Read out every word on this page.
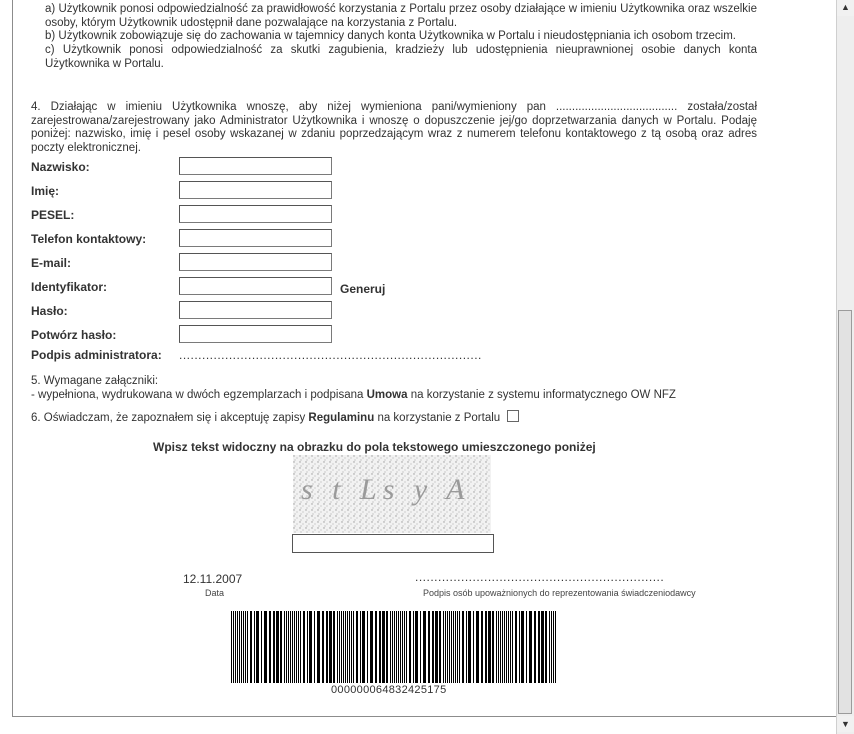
a) Użytkownik ponosi odpowiedzialność za prawidłowość korzystania z Portalu przez osoby działające w imieniu Użytkownika oraz wszelkie osoby, którym Użytkownik udostępnił dane pozwalające na korzystania z Portalu.

b) Użytkownik zobowiązuje się do zachowania w tajemnicy danych konta Użytkownika w Portalu i nieudostępniania ich osobom trzecim.

c) Użytkownik ponosi odpowiedzialność za skutki zagubienia, kradzieży lub udostępnienia nieuprawnionej osobie danych konta Użytkownika w Portalu.

4. Działając w imieniu Użytkownika wnoszę, aby niżej wymieniona pani/wymieniony pan ...................................... została/został zarejestrowana/zarejestrowany jako Administrator Użytkownika i wnoszę o dopuszczenie jej/go doprzetwarzania danych w Portalu. Podaję poniżej: nazwisko, imię i pesel osoby wskazanej w zdaniu poprzedzającym wraz z numerem telefonu kontaktowego z tą osobą oraz adres poczty elektronicznej.

Nazwisko:
Imię:
PESEL:
Telefon kontaktowy:
E-mail:
Identyfikator:	Generuj
Hasło:
Potwórz hasło:
Podpis administratora: ...............................................................................
5. Wymagane załączniki:
- wypełniona, wydrukowana w dwóch egzemplarzach i podpisana Umowa na korzystanie z systemu informatycznego OW NFZ
6. Oświadczam, że zapoznałem się i akceptuję zapisy Regulaminu na korzystanie z Portalu
Wpisz tekst widoczny na obrazku do pola tekstowego umieszczonego poniżej
s t Ls y A
12.11.2007
Data
.................................................................
Podpis osób upoważnionych do reprezentowania świadczeniodawcy
000000064832425175
▲
▼
